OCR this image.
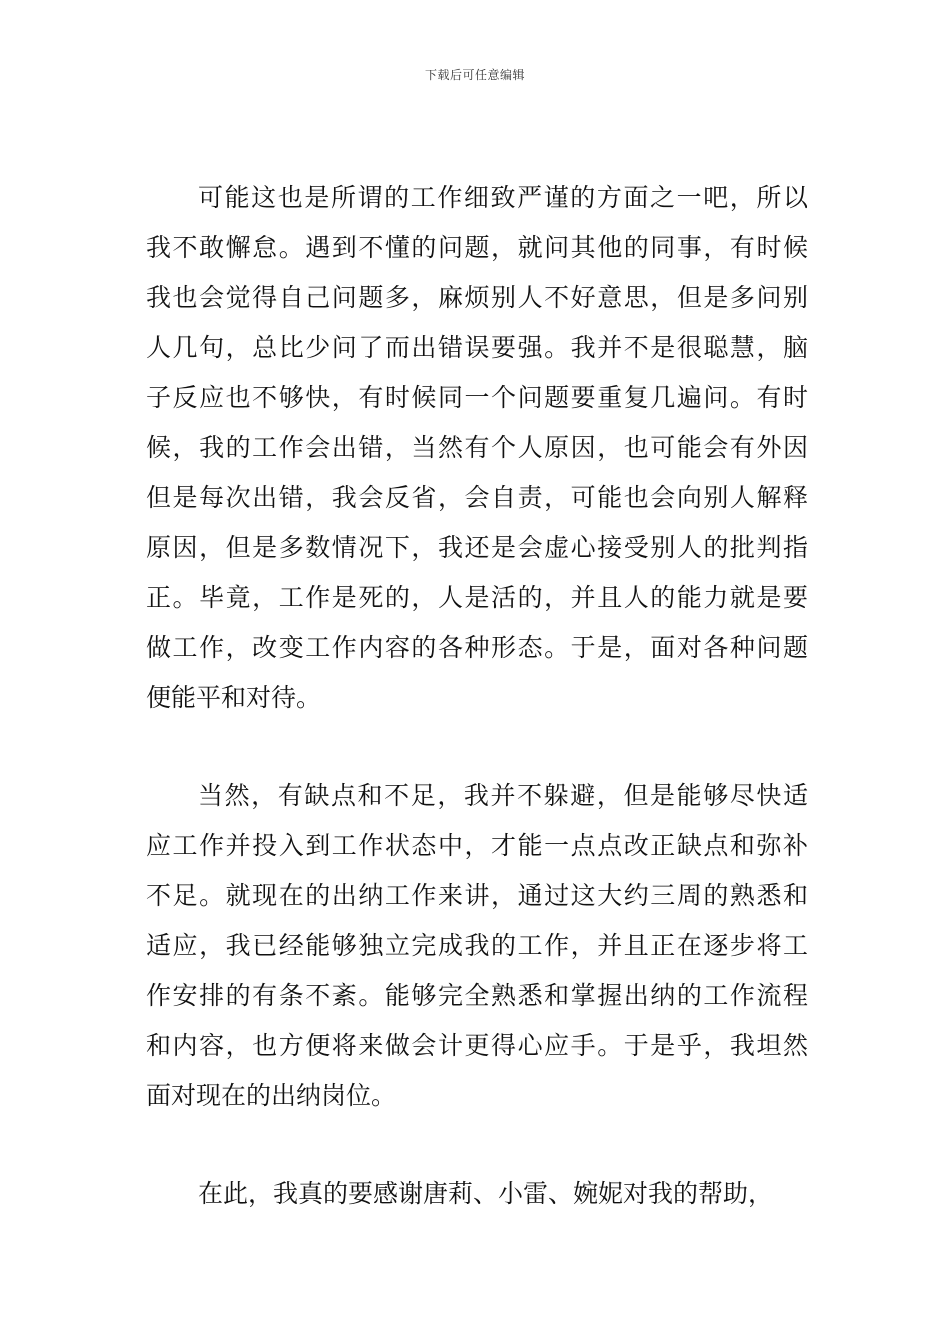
下载后可任意编辑
可能这也是所谓的工作细致严谨的方面之一吧，所以
我不敢懈怠。遇到不懂的问题，就问其他的同事，有时候
我也会觉得自己问题多，麻烦别人不好意思，但是多问别
人几句，总比少问了而出错误要强。我并不是很聪慧，脑
子反应也不够快，有时候同一个问题要重复几遍问。有时
候，我的工作会出错，当然有个人原因，也可能会有外因
但是每次出错，我会反省，会自责，可能也会向别人解释
原因，但是多数情况下，我还是会虚心接受别人的批判指
正。毕竟，工作是死的，人是活的，并且人的能力就是要
做工作，改变工作内容的各种形态。于是，面对各种问题
便能平和对待。
当然，有缺点和不足，我并不躲避，但是能够尽快适
应工作并投入到工作状态中，才能一点点改正缺点和弥补
不足。就现在的出纳工作来讲，通过这大约三周的熟悉和
适应，我已经能够独立完成我的工作，并且正在逐步将工
作安排的有条不紊。能够完全熟悉和掌握出纳的工作流程
和内容，也方便将来做会计更得心应手。于是乎，我坦然
面对现在的出纳岗位。
在此，我真的要感谢唐莉、小雷、婉妮对我的帮助，
